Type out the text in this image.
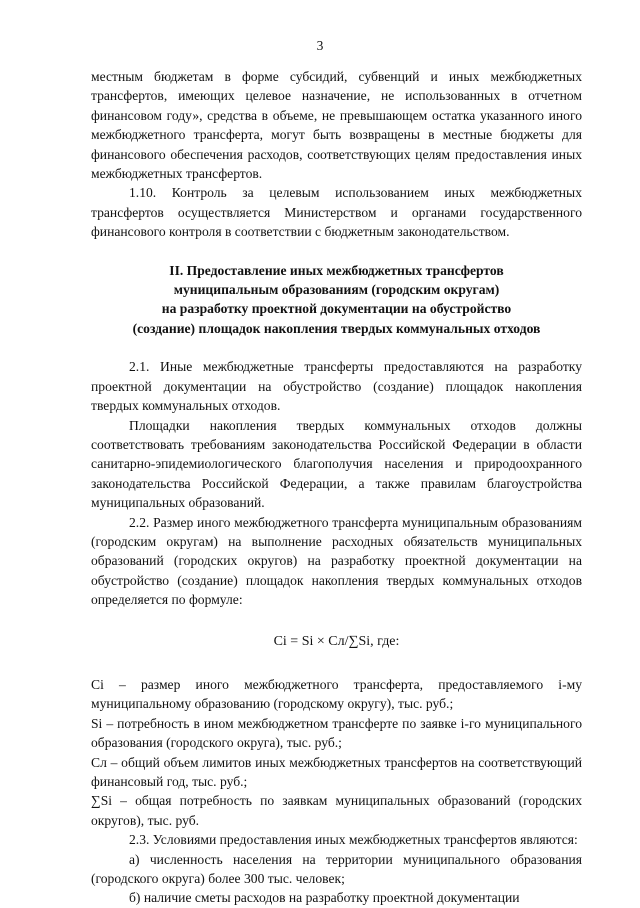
3

местным бюджетам в форме субсидий, субвенций и иных межбюджетных трансфертов, имеющих целевое назначение, не использованных в отчетном финансовом году», средства в объеме, не превышающем остатка указанного иного межбюджетного трансферта, могут быть возвращены в местные бюджеты для финансового обеспечения расходов, соответствующих целям предоставления иных межбюджетных трансфертов.

1.10. Контроль за целевым использованием иных межбюджетных трансфертов осуществляется Министерством и органами государственного финансового контроля в соответствии с бюджетным законодательством.

II. Предоставление иных межбюджетных трансфертов
муниципальным образованиям (городским округам)
на разработку проектной документации на обустройство
(создание) площадок накопления твердых коммунальных отходов

2.1. Иные межбюджетные трансферты предоставляются на разработку проектной документации на обустройство (создание) площадок накопления твердых коммунальных отходов.

Площадки накопления твердых коммунальных отходов должны соответствовать требованиям законодательства Российской Федерации в области санитарно-эпидемиологического благополучия населения и природоохранного законодательства Российской Федерации, а также правилам благоустройства муниципальных образований.

2.2. Размер иного межбюджетного трансферта муниципальным образованиям (городским округам) на выполнение расходных обязательств муниципальных образований (городских округов) на разработку проектной документации на обустройство (создание) площадок накопления твердых коммунальных отходов определяется по формуле:

Ci = Si × Сл/∑Si, где:

Ci – размер иного межбюджетного трансферта, предоставляемого i-му муниципальному образованию (городскому округу), тыс. руб.;

Si – потребность в ином межбюджетном трансферте по заявке i-го муниципального образования (городского округа), тыс. руб.;

Сл – общий объем лимитов иных межбюджетных трансфертов на соответствующий финансовый год, тыс. руб.;

∑Si – общая потребность по заявкам муниципальных образований (городских округов), тыс. руб.

2.3. Условиями предоставления иных межбюджетных трансфертов являются:

а) численность населения на территории муниципального образования (городского округа) более 300 тыс. человек;

б) наличие сметы расходов на разработку проектной документации
